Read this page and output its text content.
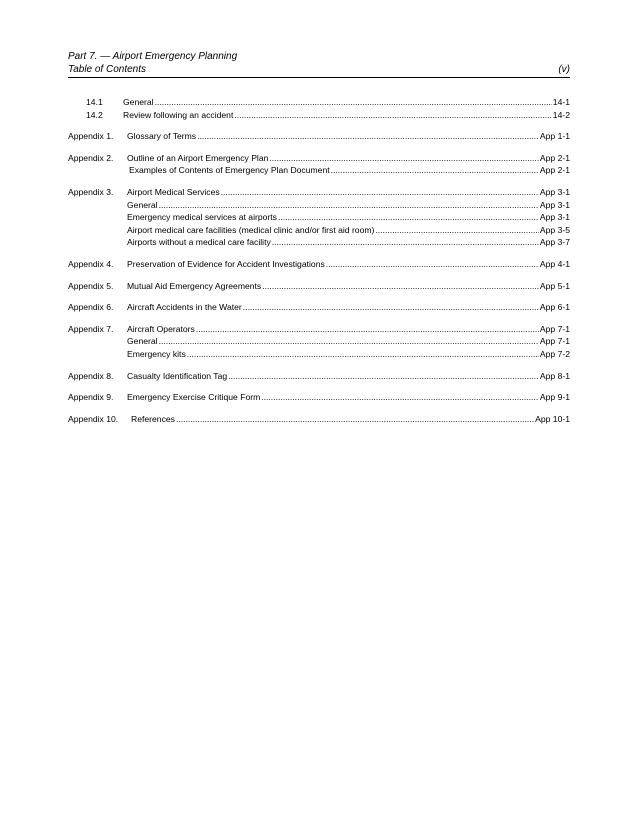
Part 7. — Airport Emergency Planning
Table of Contents	(v)
14.1	General .....	14-1
14.2	Review following an accident .....	14-2
Appendix 1.	Glossary of Terms .....	App 1-1
Appendix 2.	Outline of an Airport Emergency Plan .....	App 2-1
Examples of Contents of Emergency Plan Document .....	App 2-1
Appendix 3.	Airport Medical Services .....	App 3-1
General .....	App 3-1
Emergency medical services at airports .....	App 3-1
Airport medical care facilities (medical clinic and/or first aid room) .....	App 3-5
Airports without a medical care facility .....	App 3-7
Appendix 4.	Preservation of Evidence for Accident Investigations .....	App 4-1
Appendix 5.	Mutual Aid Emergency Agreements .....	App 5-1
Appendix 6.	Aircraft Accidents in the Water .....	App 6-1
Appendix 7.	Aircraft Operators .....	App 7-1
General .....	App 7-1
Emergency kits .....	App 7-2
Appendix 8.	Casualty Identification Tag .....	App 8-1
Appendix 9.	Emergency Exercise Critique Form .....	App 9-1
Appendix 10.	References .....	App 10-1
